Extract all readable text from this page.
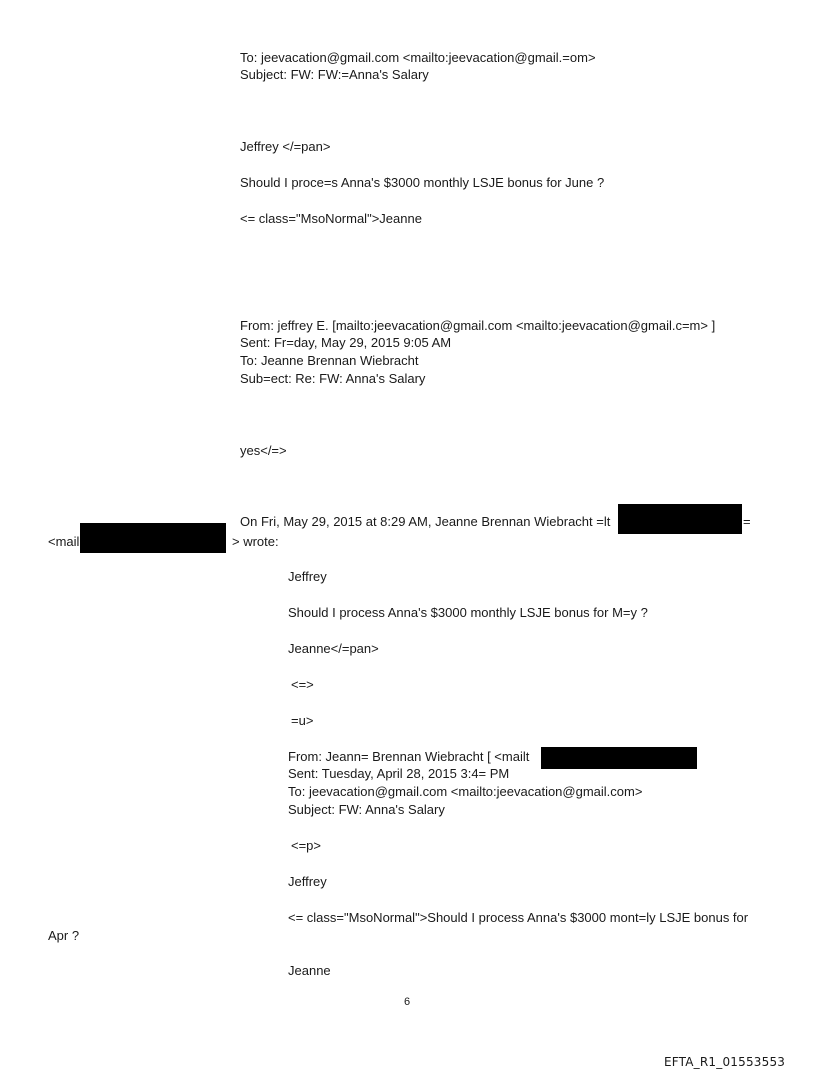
To: jeevacation@gmail.com <mailto:jeevacation@gmail.=om>
Subject: FW: FW:=Anna's Salary
Jeffrey </=pan>
Should I proce=s Anna's $3000 monthly LSJE bonus for June ?
<= class="MsoNormal">Jeanne
From: jeffrey E. [mailto:jeevacation@gmail.com <mailto:jeevacation@gmail.c=m> ]
Sent: Fr=day, May 29, 2015 9:05 AM
To: Jeanne Brennan Wiebracht
Sub=ect: Re: FW: Anna's Salary
yes</=>
On Fri, May 29, 2015 at 8:29 AM, Jeanne Brennan Wiebracht =lt	=
<mail	> wrote:
Jeffrey
Should I process Anna's $3000 monthly LSJE bonus for M=y ?
Jeanne</=pan>
<=>
=u>
From: Jeann= Brennan Wiebracht [ <mailt
Sent: Tuesday, April 28, 2015 3:4= PM
To: jeevacation@gmail.com <mailto:jeevacation@gmail.com>
Subject: FW: Anna's Salary
<=p>
Jeffrey
<= class="MsoNormal">Should I process Anna's $3000 mont=ly LSJE bonus for
Apr ?
Jeanne
6
EFTA_R1_01553553
